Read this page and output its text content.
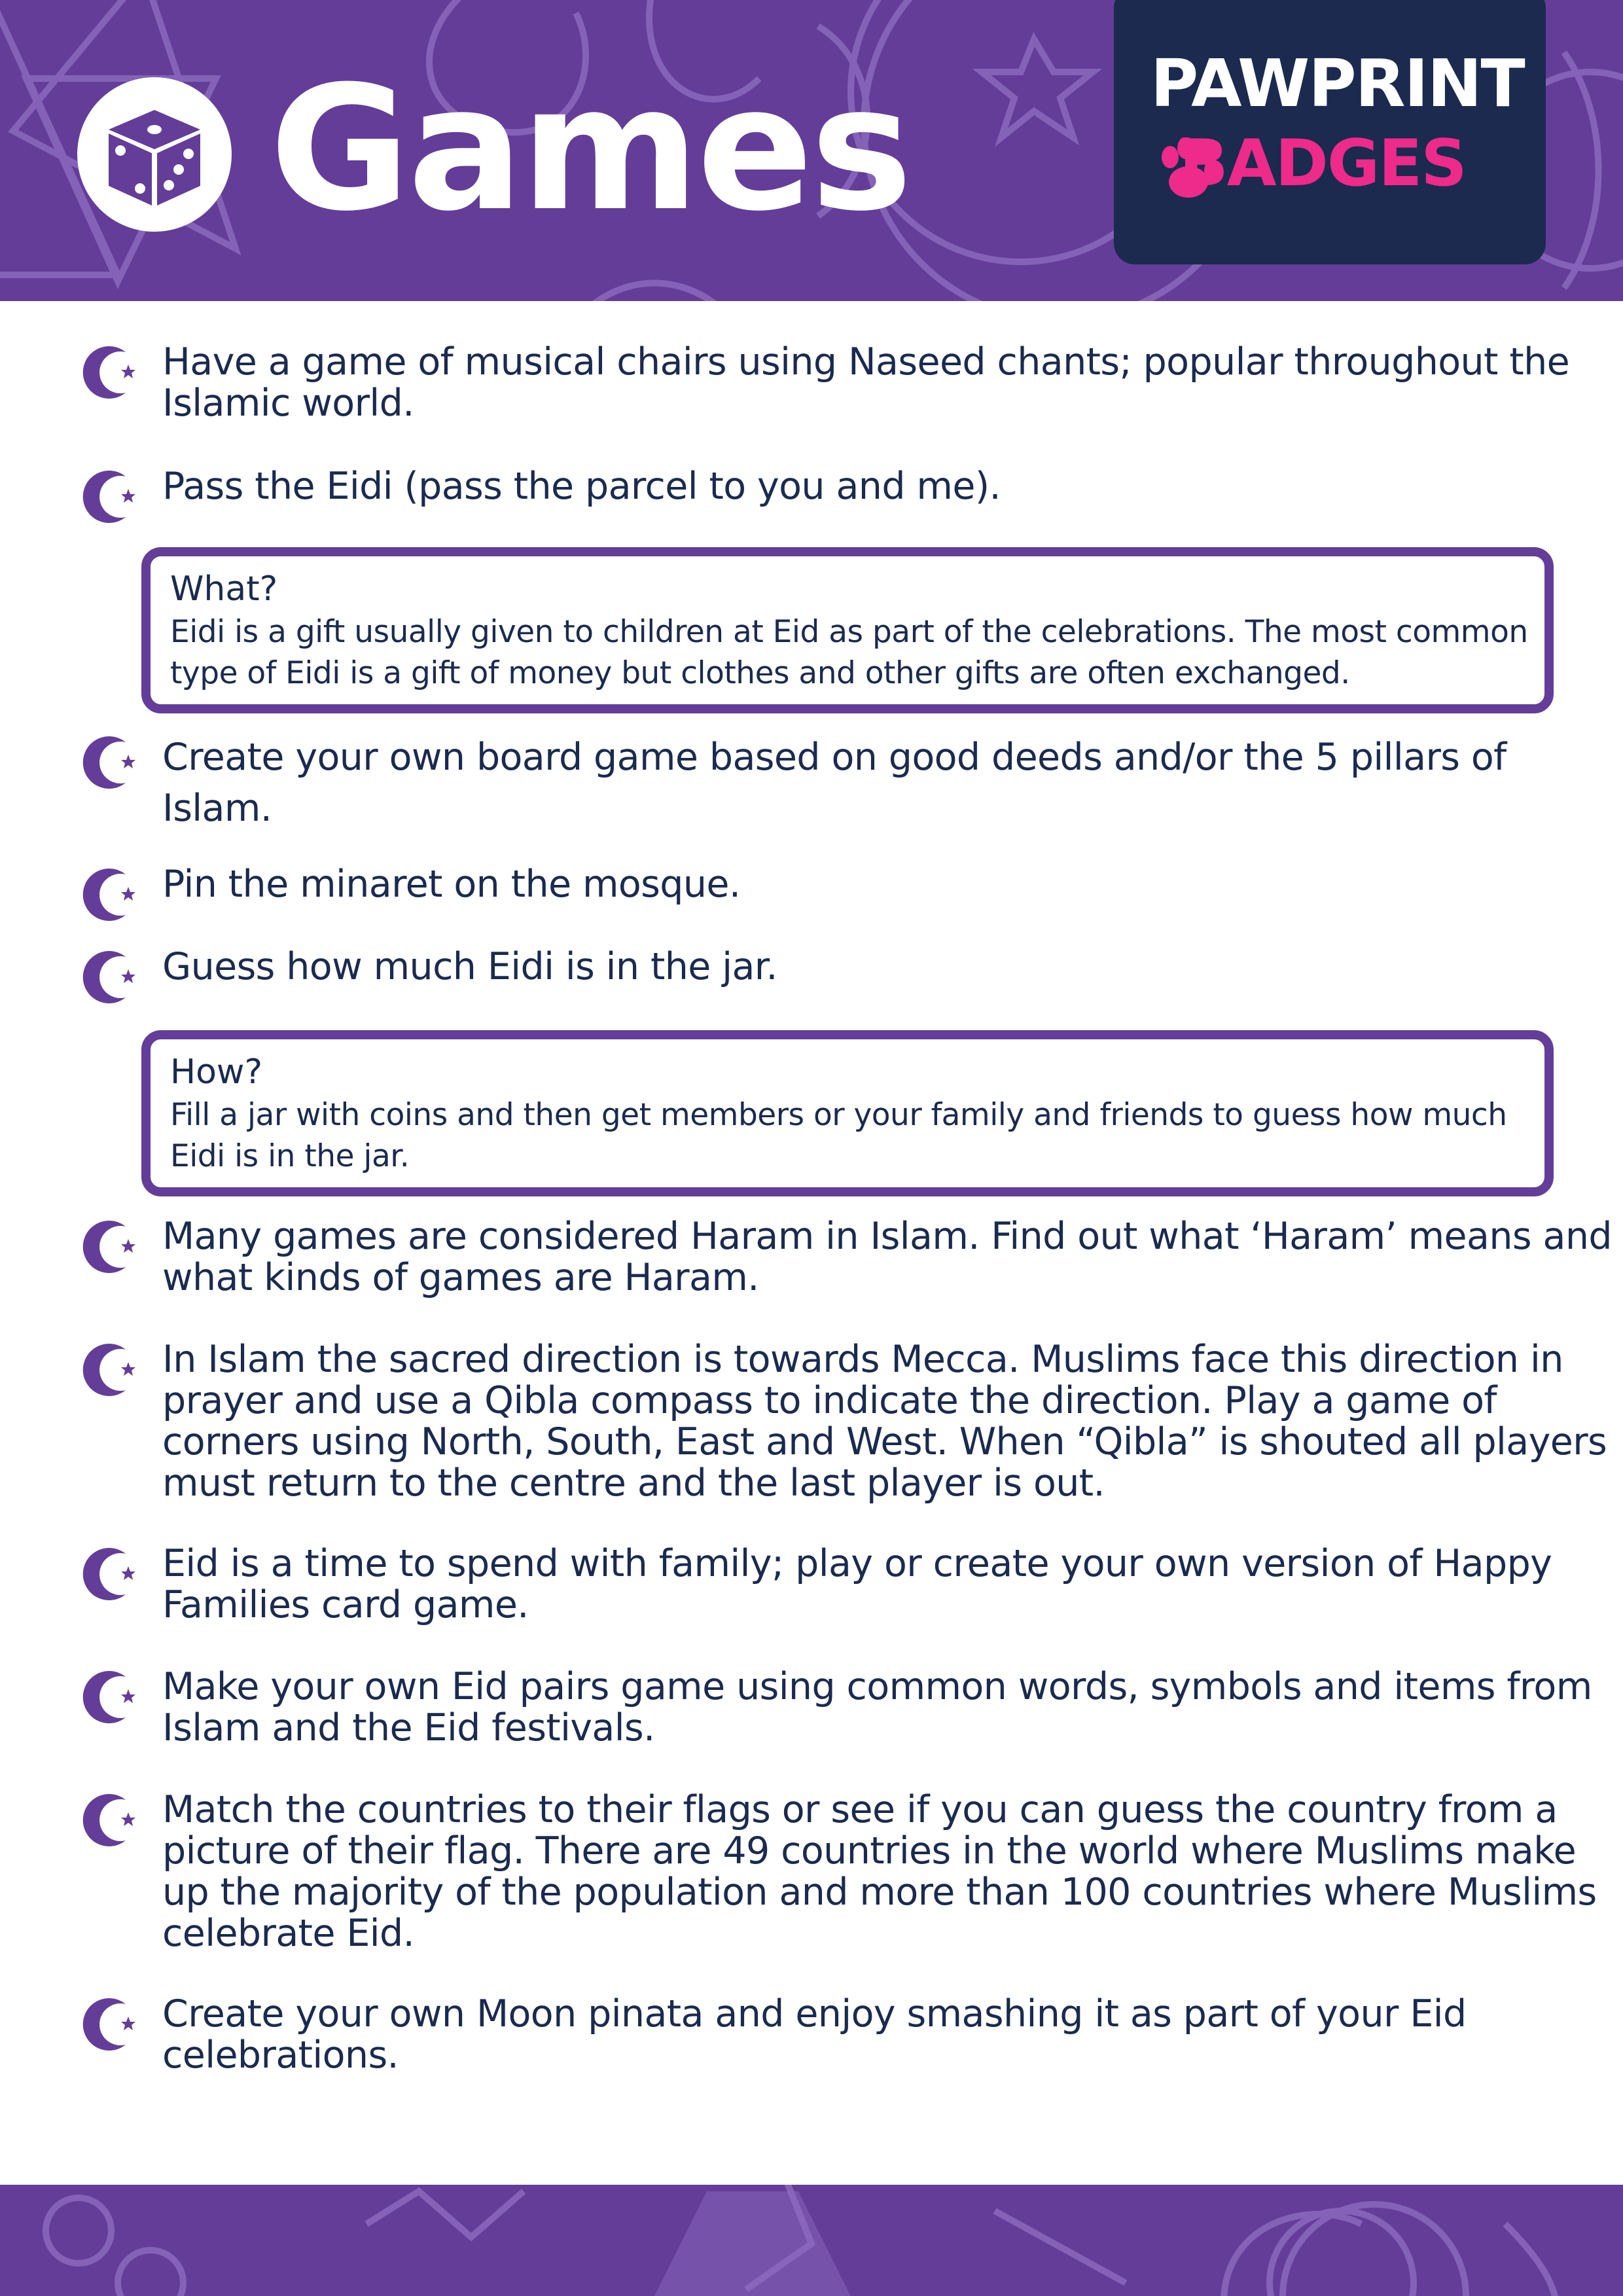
Games	PAWPRINT
BADGES
Have a game of musical chairs using Naseed chants; popular throughout the Islamic world.
Pass the Eidi (pass the parcel to you and me).
What?
Eidi is a gift usually given to children at Eid as part of the celebrations. The most common type of Eidi is a gift of money but clothes and other gifts are often exchanged.
Create your own board game based on good deeds and/or the 5 pillars of Islam.
Pin the minaret on the mosque.
Guess how much Eidi is in the jar.
How?
Fill a jar with coins and then get members or your family and friends to guess how much Eidi is in the jar.
Many games are considered Haram in Islam. Find out what ‘Haram’ means and what kinds of games are Haram.
In Islam the sacred direction is towards Mecca. Muslims face this direction in prayer and use a Qibla compass to indicate the direction. Play a game of corners using North, South, East and West. When “Qibla” is shouted all players must return to the centre and the last player is out.
Eid is a time to spend with family; play or create your own version of Happy Families card game.
Make your own Eid pairs game using common words, symbols and items from Islam and the Eid festivals.
Match the countries to their flags or see if you can guess the country from a picture of their flag. There are 49 countries in the world where Muslims make up the majority of the population and more than 100 countries where Muslims celebrate Eid.
Create your own Moon pinata and enjoy smashing it as part of your Eid celebrations.
